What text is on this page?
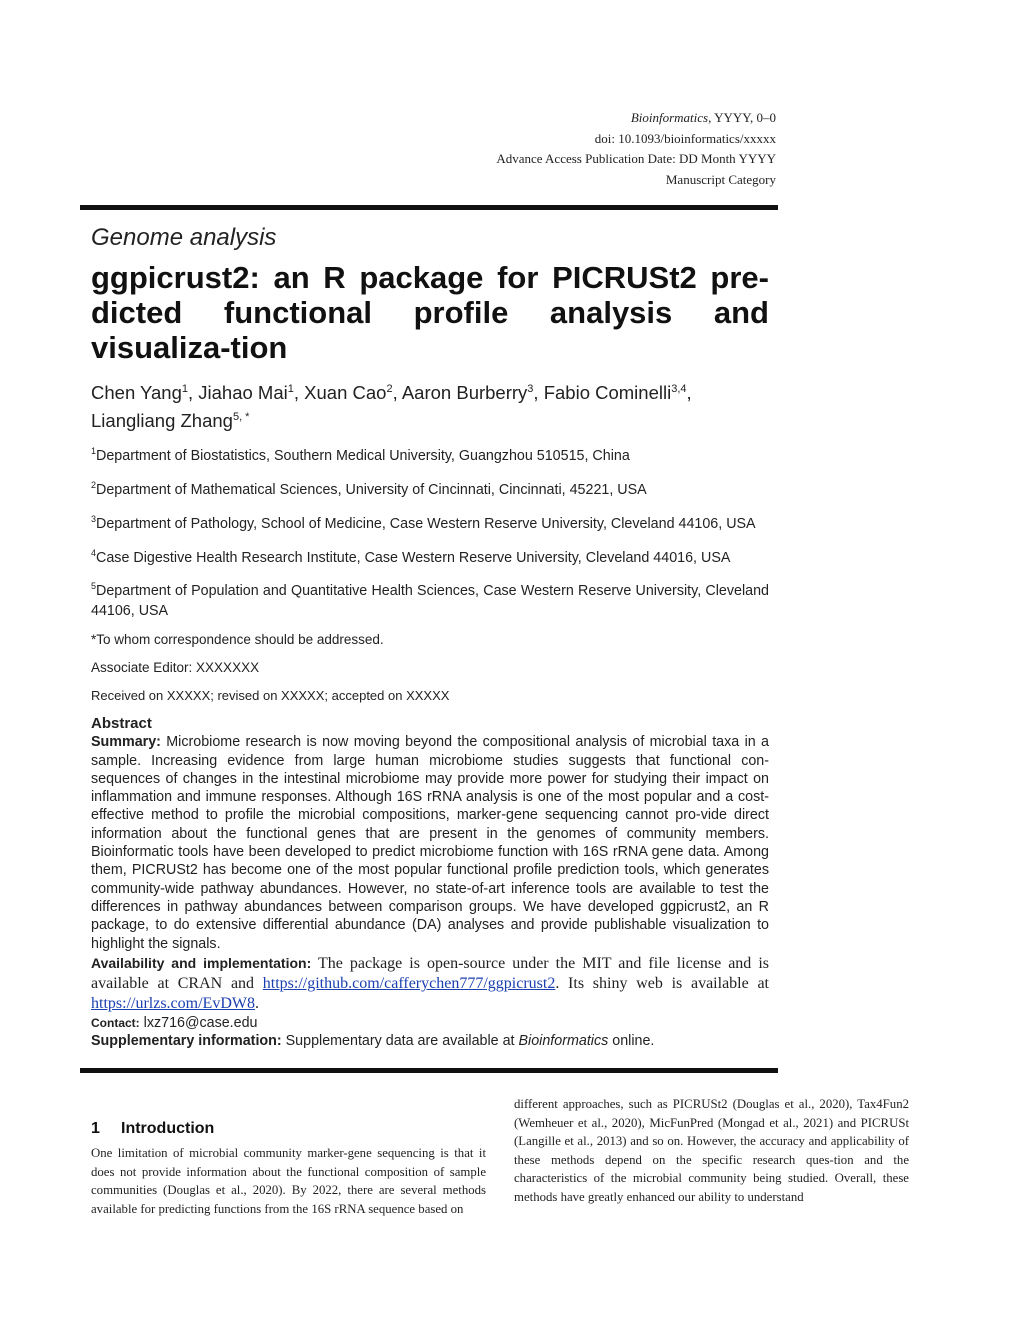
Bioinformatics, YYYY, 0–0
doi: 10.1093/bioinformatics/xxxxx
Advance Access Publication Date: DD Month YYYY
Manuscript Category
Genome analysis
ggpicrust2: an R package for PICRUSt2 pre-dicted functional profile analysis and visualiza-tion
Chen Yang$^1$, Jiahao Mai$^1$, Xuan Cao$^2$, Aaron Burberry$^3$, Fabio Cominelli$^{3,4}$, Liangliang Zhang$^{5, *}$
$^1$Department of Biostatistics, Southern Medical University, Guangzhou 510515, China
$^2$Department of Mathematical Sciences, University of Cincinnati, Cincinnati, 45221, USA
$^3$Department of Pathology, School of Medicine, Case Western Reserve University, Cleveland 44106, USA
$^4$Case Digestive Health Research Institute, Case Western Reserve University, Cleveland 44016, USA
$^5$Department of Population and Quantitative Health Sciences, Case Western Reserve University, Cleveland 44106, USA
*To whom correspondence should be addressed.
Associate Editor: XXXXXXX
Received on XXXXX; revised on XXXXX; accepted on XXXXX
Abstract

Summary: Microbiome research is now moving beyond the compositional analysis of microbial taxa in a sample. Increasing evidence from large human microbiome studies suggests that functional con-sequences of changes in the intestinal microbiome may provide more power for studying their impact on inflammation and immune responses. Although 16S rRNA analysis is one of the most popular and a cost-effective method to profile the microbial compositions, marker-gene sequencing cannot pro-vide direct information about the functional genes that are present in the genomes of community members. Bioinformatic tools have been developed to predict microbiome function with 16S rRNA gene data. Among them, PICRUSt2 has become one of the most popular functional profile prediction tools, which generates community-wide pathway abundances. However, no state-of-art inference tools are available to test the differences in pathway abundances between comparison groups. We have developed ggpicrust2, an R package, to do extensive differential abundance (DA) analyses and provide publishable visualization to highlight the signals.

Availability and implementation: The package is open-source under the MIT and file license and is available at CRAN and https://github.com/cafferychen777/ggpicrust2. Its shiny web is available at https://urlzs.com/EvDW8.

Contact: lxz716@case.edu

Supplementary information: Supplementary data are available at Bioinformatics online.

1 Introduction

One limitation of microbial community marker-gene sequencing is that it does not provide information about the functional composition of sample communities (Douglas et al., 2020). By 2022, there are several methods available for predicting functions from the 16S rRNA sequence based on

different approaches, such as PICRUSt2 (Douglas et al., 2020), Tax4Fun2 (Wemheuer et al., 2020), MicFunPred (Mongad et al., 2021) and PICRUSt (Langille et al., 2013) and so on. However, the accuracy and applicability of these methods depend on the specific research ques-tion and the characteristics of the microbial community being studied. Overall, these methods have greatly enhanced our ability to understand
